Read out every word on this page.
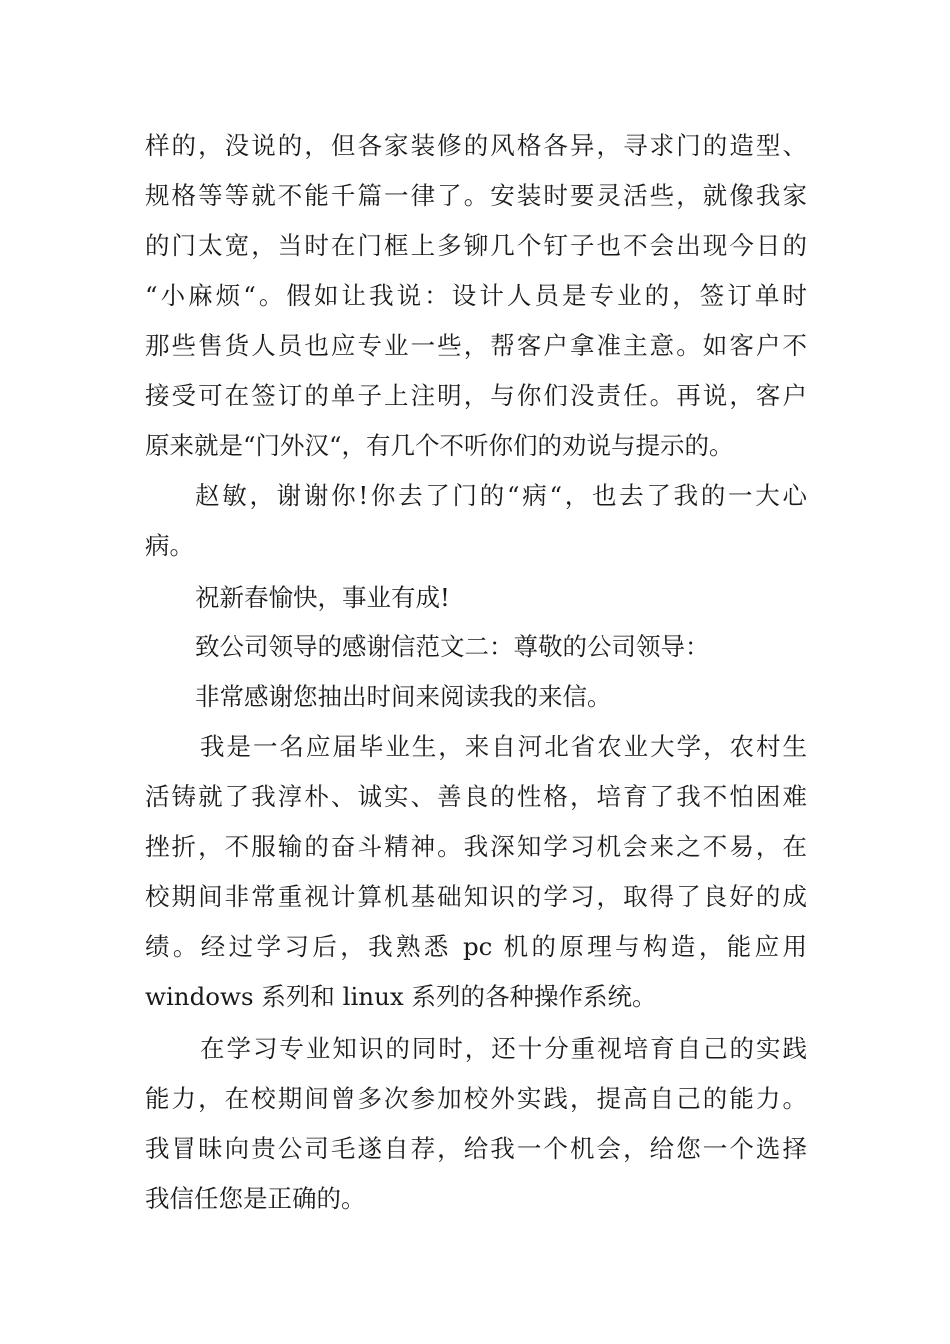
样的，没说的，但各家装修的风格各异，寻求门的造型、
规格等等就不能千篇一律了。安装时要灵活些，就像我家
的门太宽，当时在门框上多铆几个钉子也不会出现今日的
“小麻烦“。假如让我说：设计人员是专业的，签订单时
那些售货人员也应专业一些，帮客户拿准主意。如客户不
接受可在签订的单子上注明，与你们没责任。再说，客户
原来就是“门外汉“，有几个不听你们的劝说与提示的。
赵敏，谢谢你!你去了门的“病“，也去了我的一大心
病。
祝新春愉快，事业有成!
致公司领导的感谢信范文二：尊敬的公司领导：
非常感谢您抽出时间来阅读我的来信。
我是一名应届毕业生，来自河北省农业大学，农村生
活铸就了我淳朴、诚实、善良的性格，培育了我不怕困难
挫折，不服输的奋斗精神。我深知学习机会来之不易，在
校期间非常重视计算机基础知识的学习，取得了良好的成
绩。经过学习后，我熟悉 pc 机的原理与构造，能应用
windows 系列和 linux 系列的各种操作系统。
在学习专业知识的同时，还十分重视培育自己的实践
能力，在校期间曾多次参加校外实践，提高自己的能力。
我冒昧向贵公司毛遂自荐，给我一个机会，给您一个选择
我信任您是正确的。
